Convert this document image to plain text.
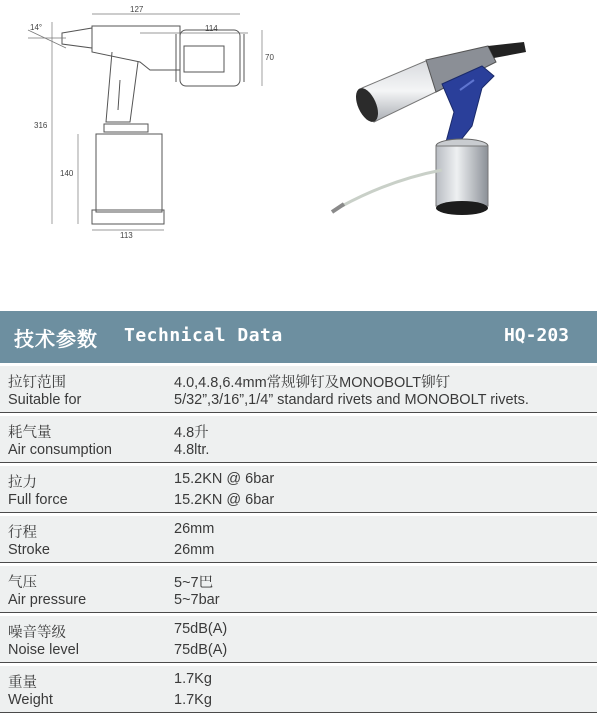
14°
127
114
70
316
140
113
技术参数 Technical Data	HQ-203
拉钉范围
Suitable for
4.0,4.8,6.4mm常规铆钉及MONOBOLT铆钉
5/32”,3/16”,1/4” standard rivets and MONOBOLT rivets.
耗气量
Air consumption
4.8升
4.8ltr.
拉力
Full force
15.2KN @ 6bar
15.2KN @ 6bar
行程
Stroke
26mm
26mm
气压
Air pressure
5~7巴
5~7bar
噪音等级
Noise level
75dB(A)
75dB(A)
重量
Weight
1.7Kg
1.7Kg
